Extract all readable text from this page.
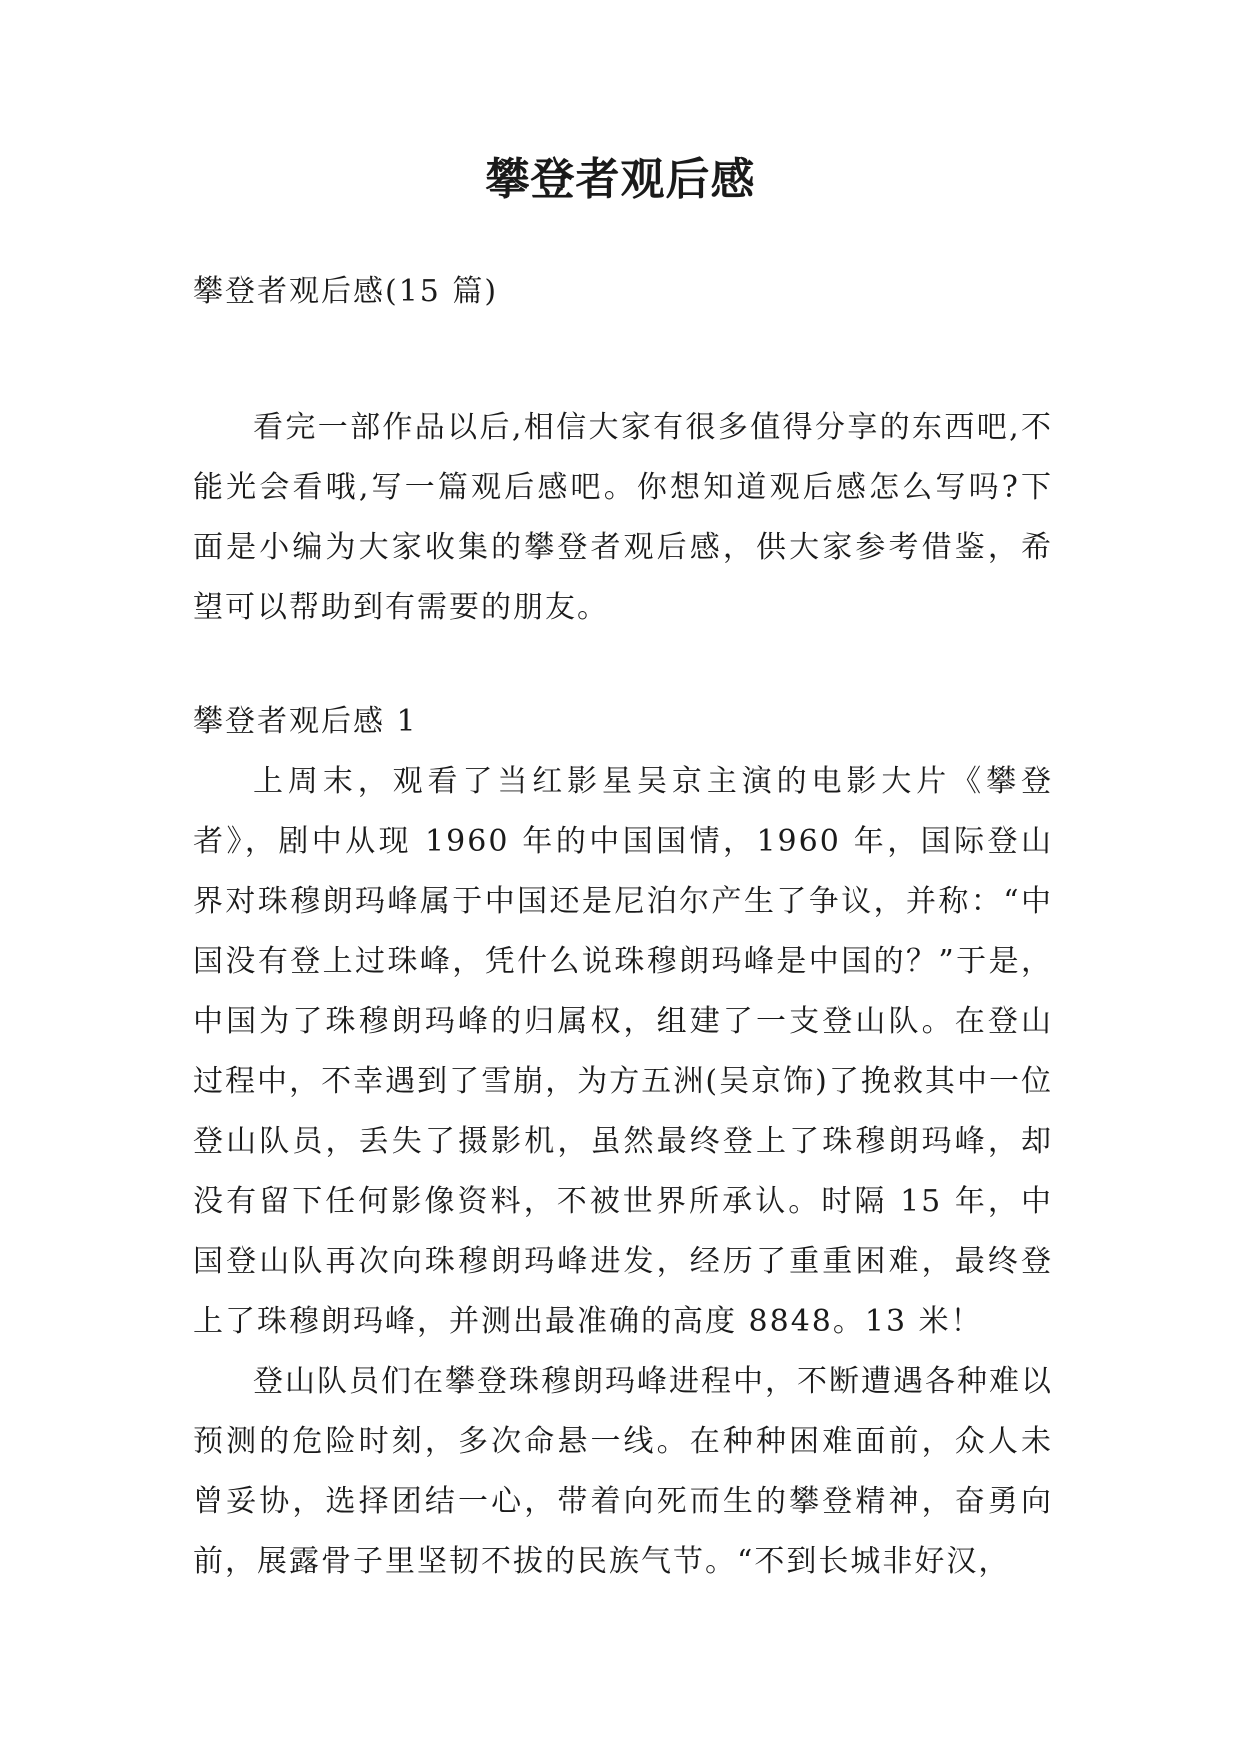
攀登者观后感
攀登者观后感(15 篇)

看完一部作品以后,相信大家有很多值得分享的东西吧,不能光会看哦,写一篇观后感吧。你想知道观后感怎么写吗?下面是小编为大家收集的攀登者观后感，供大家参考借鉴，希望可以帮助到有需要的朋友。

攀登者观后感 1

上周末，观看了当红影星吴京主演的电影大片《攀登者》，剧中从现 1960 年的中国国情，1960 年，国际登山界对珠穆朗玛峰属于中国还是尼泊尔产生了争议，并称：“中国没有登上过珠峰，凭什么说珠穆朗玛峰是中国的？”于是，中国为了珠穆朗玛峰的归属权，组建了一支登山队。在登山过程中，不幸遇到了雪崩，为方五洲(吴京饰)了挽救其中一位登山队员，丢失了摄影机，虽然最终登上了珠穆朗玛峰，却没有留下任何影像资料，不被世界所承认。时隔 15 年，中国登山队再次向珠穆朗玛峰进发，经历了重重困难，最终登上了珠穆朗玛峰，并测出最准确的高度 8848。13 米！

登山队员们在攀登珠穆朗玛峰进程中，不断遭遇各种难以预测的危险时刻，多次命悬一线。在种种困难面前，众人未曾妥协，选择团结一心，带着向死而生的攀登精神，奋勇向前，展露骨子里坚韧不拔的民族气节。“不到长城非好汉，
